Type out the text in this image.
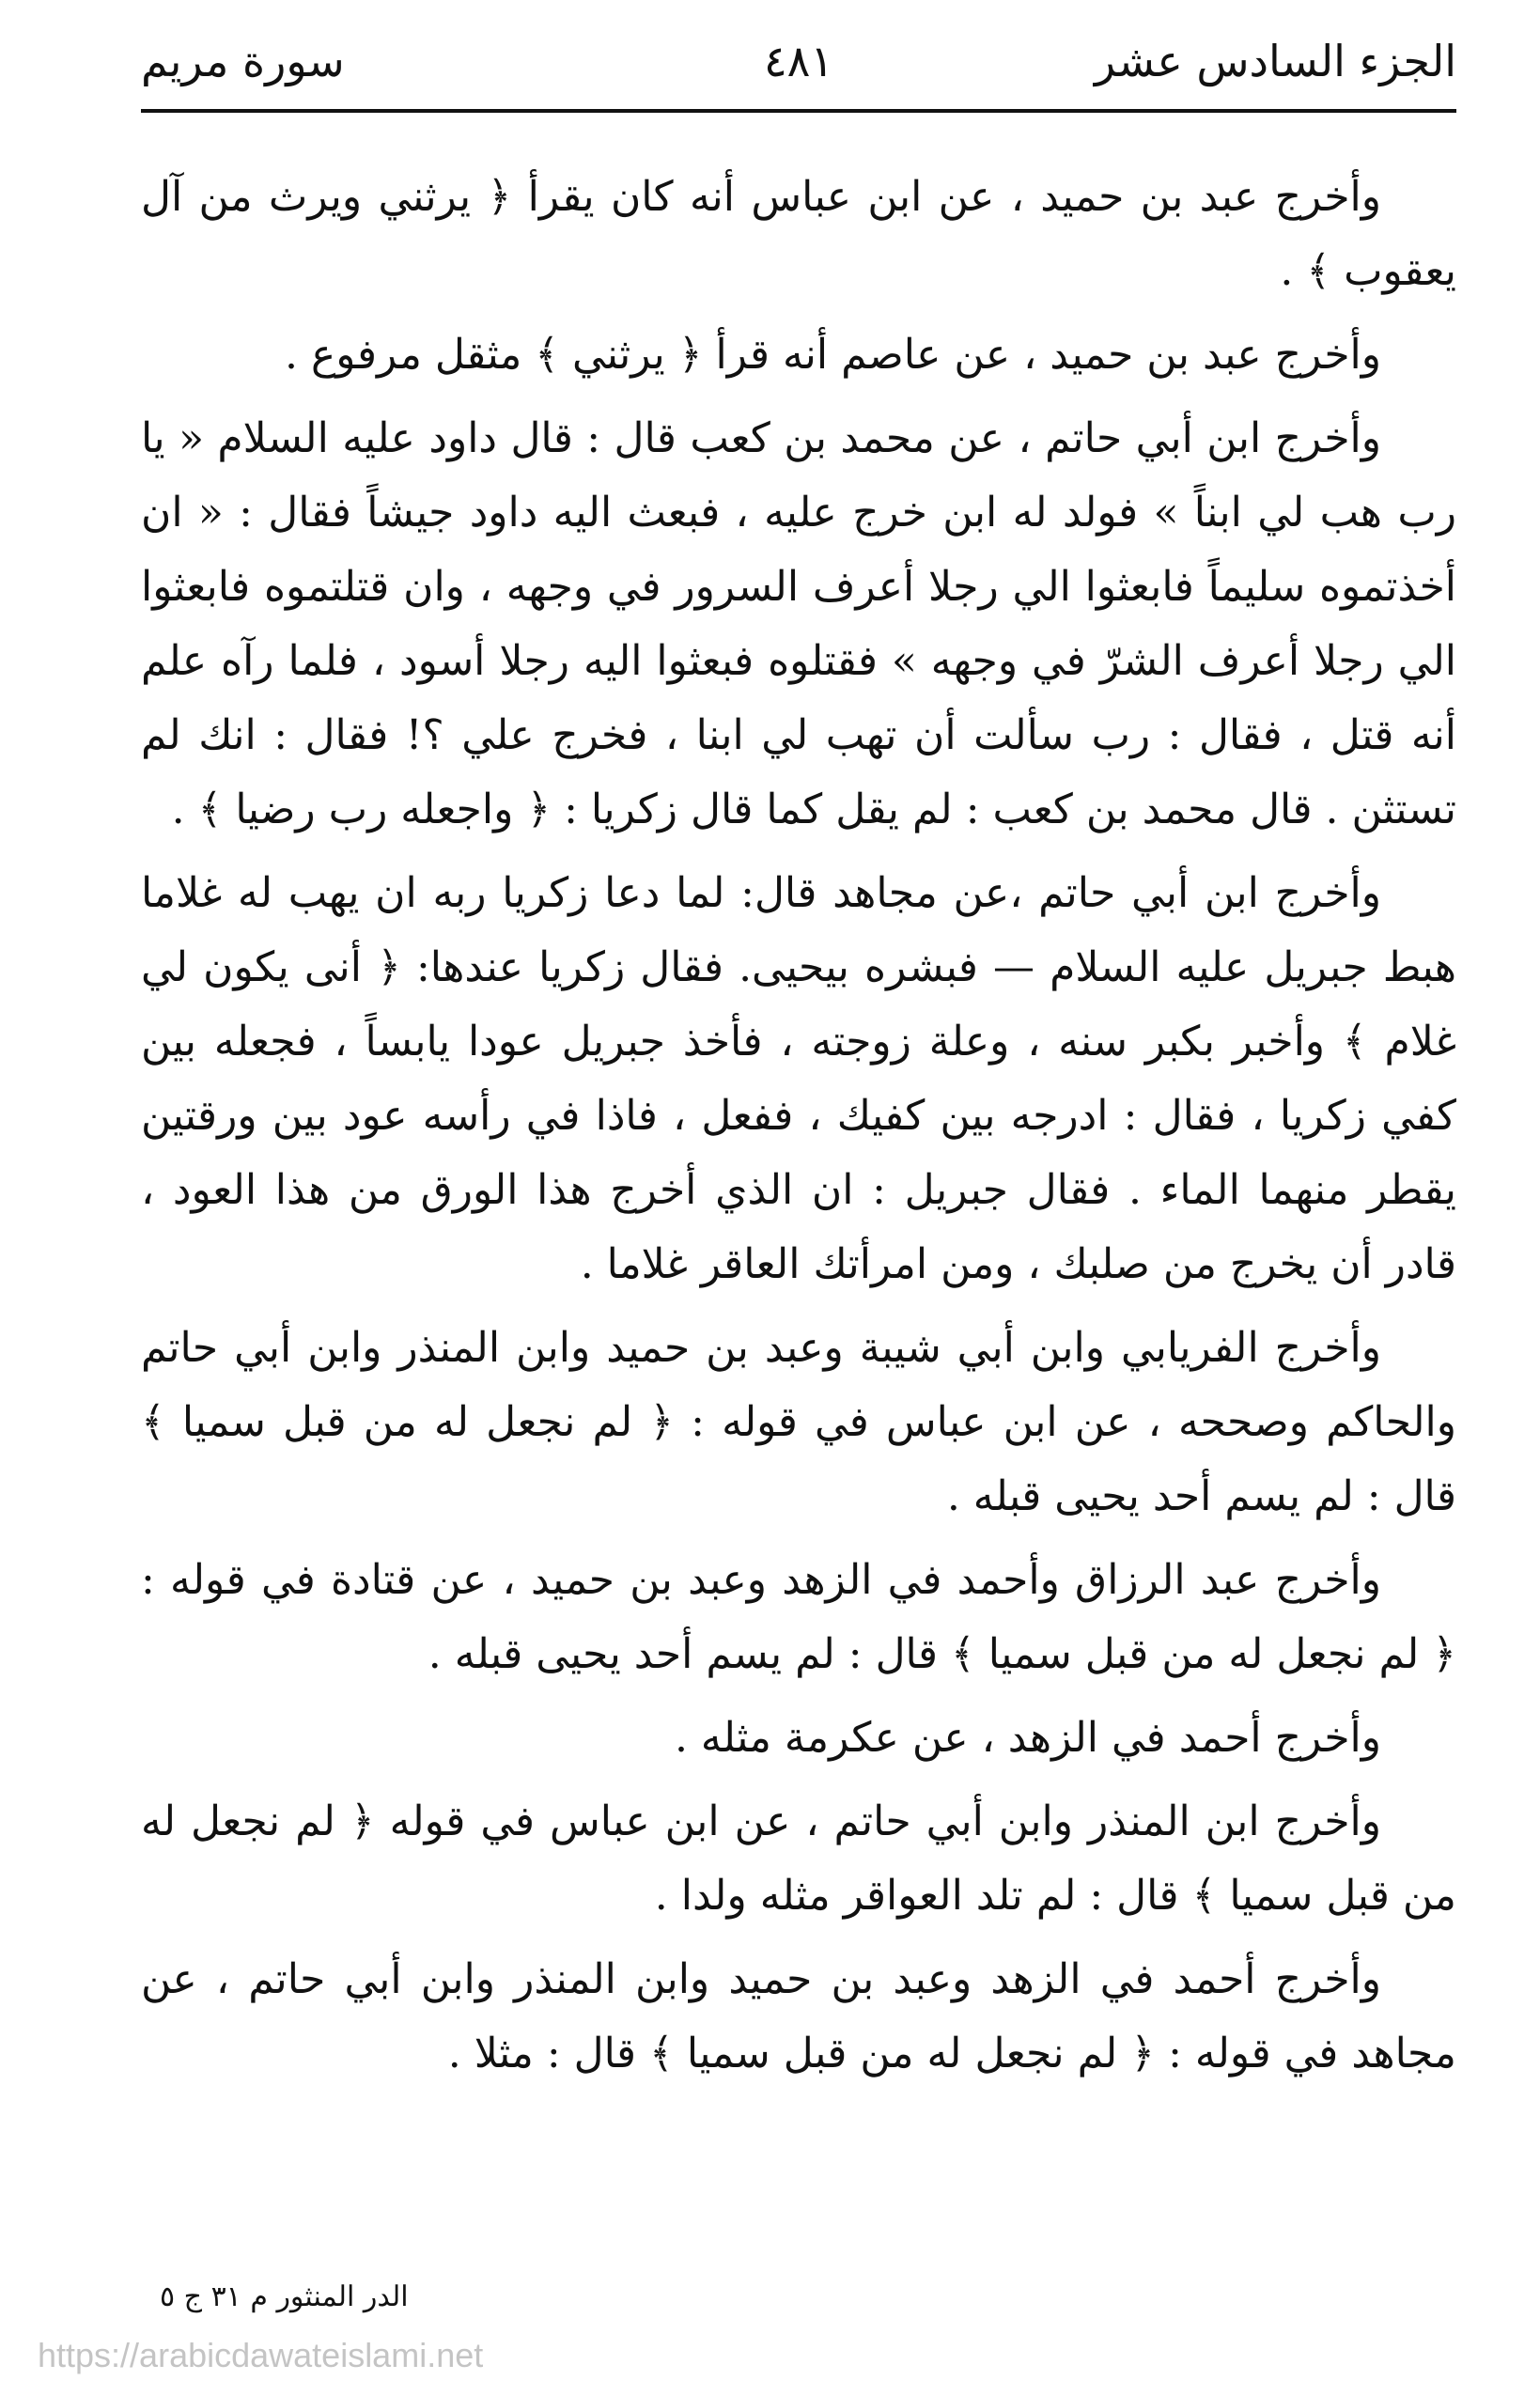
الجزء السادس عشر
٤٨١
سورة مريم

وأخرج عبد بن حميد ، عن ابن عباس أنه كان يقرأ ﴿ يرثني ويرث من آل يعقوب ﴾ .

وأخرج عبد بن حميد ، عن عاصم أنه قرأ ﴿ يرثني ﴾ مثقل مرفوع .

وأخرج ابن أبي حاتم ، عن محمد بن كعب قال : قال داود عليه السلام « يا رب هب لي ابناً » فولد له ابن خرج عليه ، فبعث اليه داود جيشاً فقال : « ان أخذتموه سليماً فابعثوا الي رجلا أعرف السرور في وجهه ، وان قتلتموه فابعثوا الي رجلا أعرف الشرّ في وجهه » فقتلوه فبعثوا اليه رجلا أسود ، فلما رآه علم أنه قتل ، فقال : رب سألت أن تهب لي ابنا ، فخرج علي ؟! فقال : انك لم تستثن . قال محمد بن كعب : لم يقل كما قال زكريا : ﴿ واجعله رب رضيا ﴾ .

وأخرج ابن أبي حاتم ،عن مجاهد قال: لما دعا زكريا ربه ان يهب له غلاما هبط جبريل عليه السلام — فبشره بيحيى. فقال زكريا عندها: ﴿ أنى يكون لي غلام ﴾ وأخبر بكبر سنه ، وعلة زوجته ، فأخذ جبريل عودا يابساً ، فجعله بين كفي زكريا ، فقال : ادرجه بين كفيك ، ففعل ، فاذا في رأسه عود بين ورقتين يقطر منهما الماء . فقال جبريل : ان الذي أخرج هذا الورق من هذا العود ، قادر أن يخرج من صلبك ، ومن امرأتك العاقر غلاما .

وأخرج الفريابي وابن أبي شيبة وعبد بن حميد وابن المنذر وابن أبي حاتم والحاكم وصححه ، عن ابن عباس في قوله : ﴿ لم نجعل له من قبل سميا ﴾ قال : لم يسم أحد يحيى قبله .

وأخرج عبد الرزاق وأحمد في الزهد وعبد بن حميد ، عن قتادة في قوله : ﴿ لم نجعل له من قبل سميا ﴾ قال : لم يسم أحد يحيى قبله .

وأخرج أحمد في الزهد ، عن عكرمة مثله .

وأخرج ابن المنذر وابن أبي حاتم ، عن ابن عباس في قوله ﴿ لم نجعل له من قبل سميا ﴾ قال : لم تلد العواقر مثله ولدا .

وأخرج أحمد في الزهد وعبد بن حميد وابن المنذر وابن أبي حاتم ، عن مجاهد في قوله : ﴿ لم نجعل له من قبل سميا ﴾ قال : مثلا .

الدر المنثور م ٣١ ج ٥
https://arabicdawateislami.net
